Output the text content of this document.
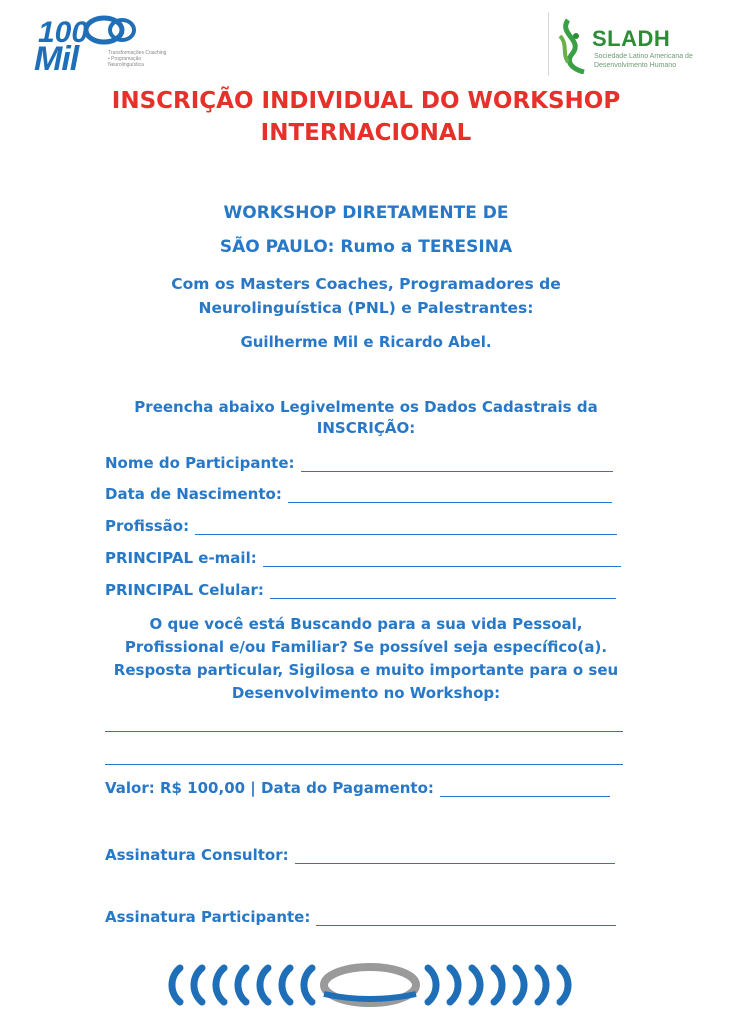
100
Mil	Transformações Coaching • Programação Neurolinguística
SLADH
Sociedade Latino Americana de Desenvolvimento Humano
INSCRIÇÃO INDIVIDUAL DO WORKSHOP
INTERNACIONAL
WORKSHOP DIRETAMENTE DE
SÃO PAULO: Rumo a TERESINA
Com os Masters Coaches, Programadores de
Neurolinguística (PNL) e Palestrantes:
Guilherme Mil e Ricardo Abel.
Preencha abaixo Legivelmente os Dados Cadastrais da
INSCRIÇÃO:
Nome do Participante:
Data de Nascimento:
Profissão:
PRINCIPAL e-mail:
PRINCIPAL Celular:
O que você está Buscando para a sua vida Pessoal,
Profissional e/ou Familiar? Se possível seja específico(a).
Resposta particular, Sigilosa e muito importante para o seu
Desenvolvimento no Workshop:
Valor: R$ 100,00 | Data do Pagamento:
Assinatura Consultor:
Assinatura Participante:
